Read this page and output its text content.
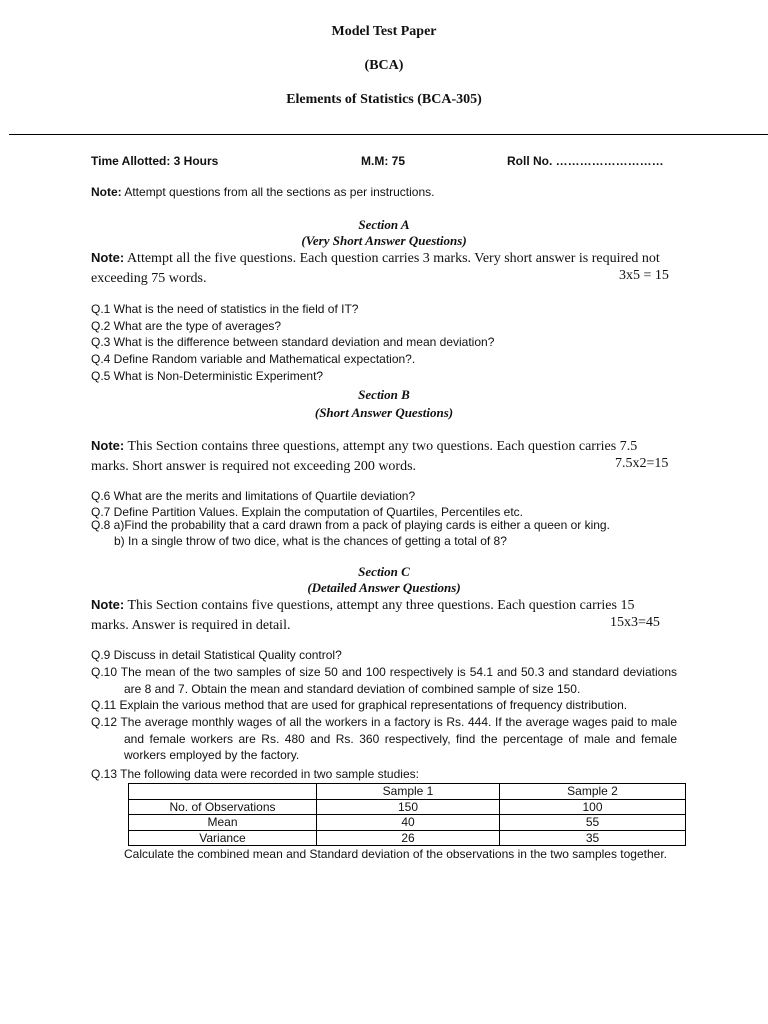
Model Test Paper
(BCA)
Elements of Statistics (BCA-305)
Time Allotted: 3 Hours	M.M: 75	Roll No. ………………………
Note: Attempt questions from all the sections as per instructions.
Section A
(Very Short Answer Questions)
Note: Attempt all the five questions. Each question carries 3 marks. Very short answer is required not exceeding 75 words.	3x5 = 15
Q.1 What is the need of statistics in the field of IT?
Q.2 What are the type of averages?
Q.3 What is the difference between standard deviation and mean deviation?
Q.4 Define Random variable and Mathematical expectation?.
Q.5 What is Non-Deterministic Experiment?
Section B
(Short Answer Questions)
Note: This Section contains three questions, attempt any two questions. Each question carries 7.5 marks. Short answer is required not exceeding 200 words.	7.5x2=15
Q.6 What are the merits and limitations of Quartile deviation?
Q.7 Define Partition Values. Explain the computation of Quartiles, Percentiles etc.
Q.8 a)Find the probability that a card drawn from a pack of playing cards is either a queen or king.
b) In a single throw of two dice, what is the chances of getting a total of 8?
Section C
(Detailed Answer Questions)
Note: This Section contains five questions, attempt any three questions. Each question carries 15 marks. Answer is required in detail.	15x3=45
Q.9 Discuss in detail Statistical Quality control?
Q.10 The mean of the two samples of size 50 and 100 respectively is 54.1 and 50.3 and standard deviations are 8 and 7. Obtain the mean and standard deviation of combined sample of size 150.
Q.11 Explain the various method that are used for graphical representations of frequency distribution.
Q.12 The average monthly wages of all the workers in a factory is Rs. 444. If the average wages paid to male and female workers are Rs. 480 and Rs. 360 respectively, find the percentage of male and female workers employed by the factory.
Q.13 The following data were recorded in two sample studies:
	Sample 1	Sample 2
No. of Observations	150	100
Mean	40	55
Variance	26	35
Calculate the combined mean and Standard deviation of the observations in the two samples together.
